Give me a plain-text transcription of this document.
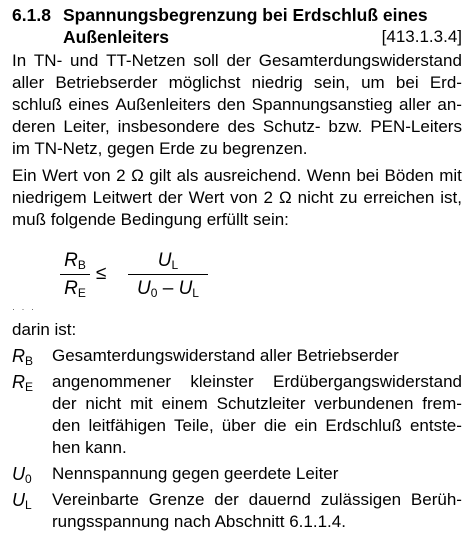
6.1.8 Spannungsbegrenzung bei Erdschluß eines
Außenleiters	[413.1.3.4]
In TN- und TT-Netzen soll der Gesamterdungswiderstand
aller Betriebserder möglichst niedrig sein, um bei Erd-
schluß eines Außenleiters den Spannungsanstieg aller an-
deren Leiter, insbesondere des Schutz- bzw. PEN-Leiters
im TN-Netz, gegen Erde zu begrenzen.
Ein Wert von 2 Ω gilt als ausreichend. Wenn bei Böden mit
niedrigem Leitwert der Wert von 2 Ω nicht zu erreichen ist,
muß folgende Bedingung erfüllt sein:
$R_B$
$R_E$
≤
$U_L$
$U_0 - U_L$
· · ·
darin ist:
$R_B$	Gesamterdungswiderstand aller Betriebserder
$R_E$	angenommener kleinster Erdübergangswiderstand
der nicht mit einem Schutzleiter verbundenen frem-
den leitfähigen Teile, über die ein Erdschluß entste-
hen kann.
$U_0$	Nennspannung gegen geerdete Leiter
$U_L$	Vereinbarte Grenze der dauernd zulässigen Berüh-
rungsspannung nach Abschnitt 6.1.1.4.
